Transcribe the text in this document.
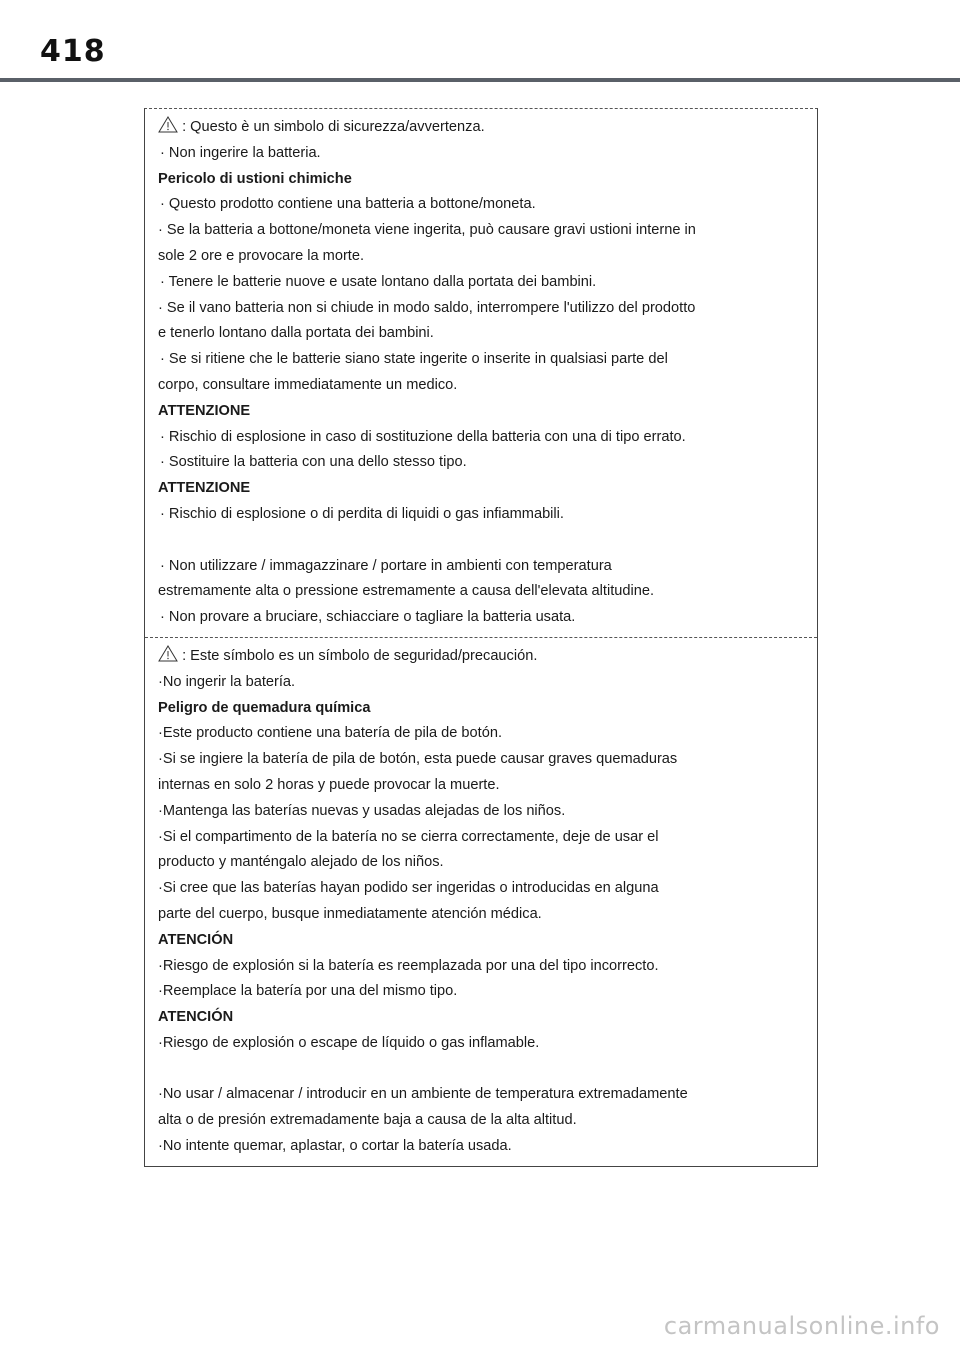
418
: Questo è un simbolo di sicurezza/avvertenza.
· Non ingerire la batteria.
Pericolo di ustioni chimiche
· Questo prodotto contiene una batteria a bottone/moneta.
· Se la batteria a bottone/moneta viene ingerita, può causare gravi ustioni interne in
sole 2 ore e provocare la morte.
· Tenere le batterie nuove e usate lontano dalla portata dei bambini.
· Se il vano batteria non si chiude in modo saldo, interrompere l'utilizzo del prodotto
e tenerlo lontano dalla portata dei bambini.
· Se si ritiene che le batterie siano state ingerite o inserite in qualsiasi parte del
corpo, consultare immediatamente un medico.
ATTENZIONE
· Rischio di esplosione in caso di sostituzione della batteria con una di tipo errato.
· Sostituire la batteria con una dello stesso tipo.
ATTENZIONE
· Rischio di esplosione o di perdita di liquidi o gas infiammabili.
· Non utilizzare / immagazzinare / portare in ambienti con temperatura
estremamente alta o pressione estremamente a causa dell'elevata altitudine.
· Non provare a bruciare, schiacciare o tagliare la batteria usata.
: Este símbolo es un símbolo de seguridad/precaución.
·No ingerir la batería.
Peligro de quemadura química
·Este producto contiene una batería de pila de botón.
·Si se ingiere la batería de pila de botón, esta puede causar graves quemaduras
internas en solo 2 horas y puede provocar la muerte.
·Mantenga las baterías nuevas y usadas alejadas de los niños.
·Si el compartimento de la batería no se cierra correctamente, deje de usar el
producto y manténgalo alejado de los niños.
·Si cree que las baterías hayan podido ser ingeridas o introducidas en alguna
parte del cuerpo, busque inmediatamente atención médica.
ATENCIÓN
·Riesgo de explosión si la batería es reemplazada por una del tipo incorrecto.
·Reemplace la batería por una del mismo tipo.
ATENCIÓN
·Riesgo de explosión o escape de líquido o gas inflamable.
·No usar / almacenar / introducir en un ambiente de temperatura extremadamente
alta o de presión extremadamente baja a causa de la alta altitud.
·No intente quemar, aplastar, o cortar la batería usada.
carmanualsonline.info
